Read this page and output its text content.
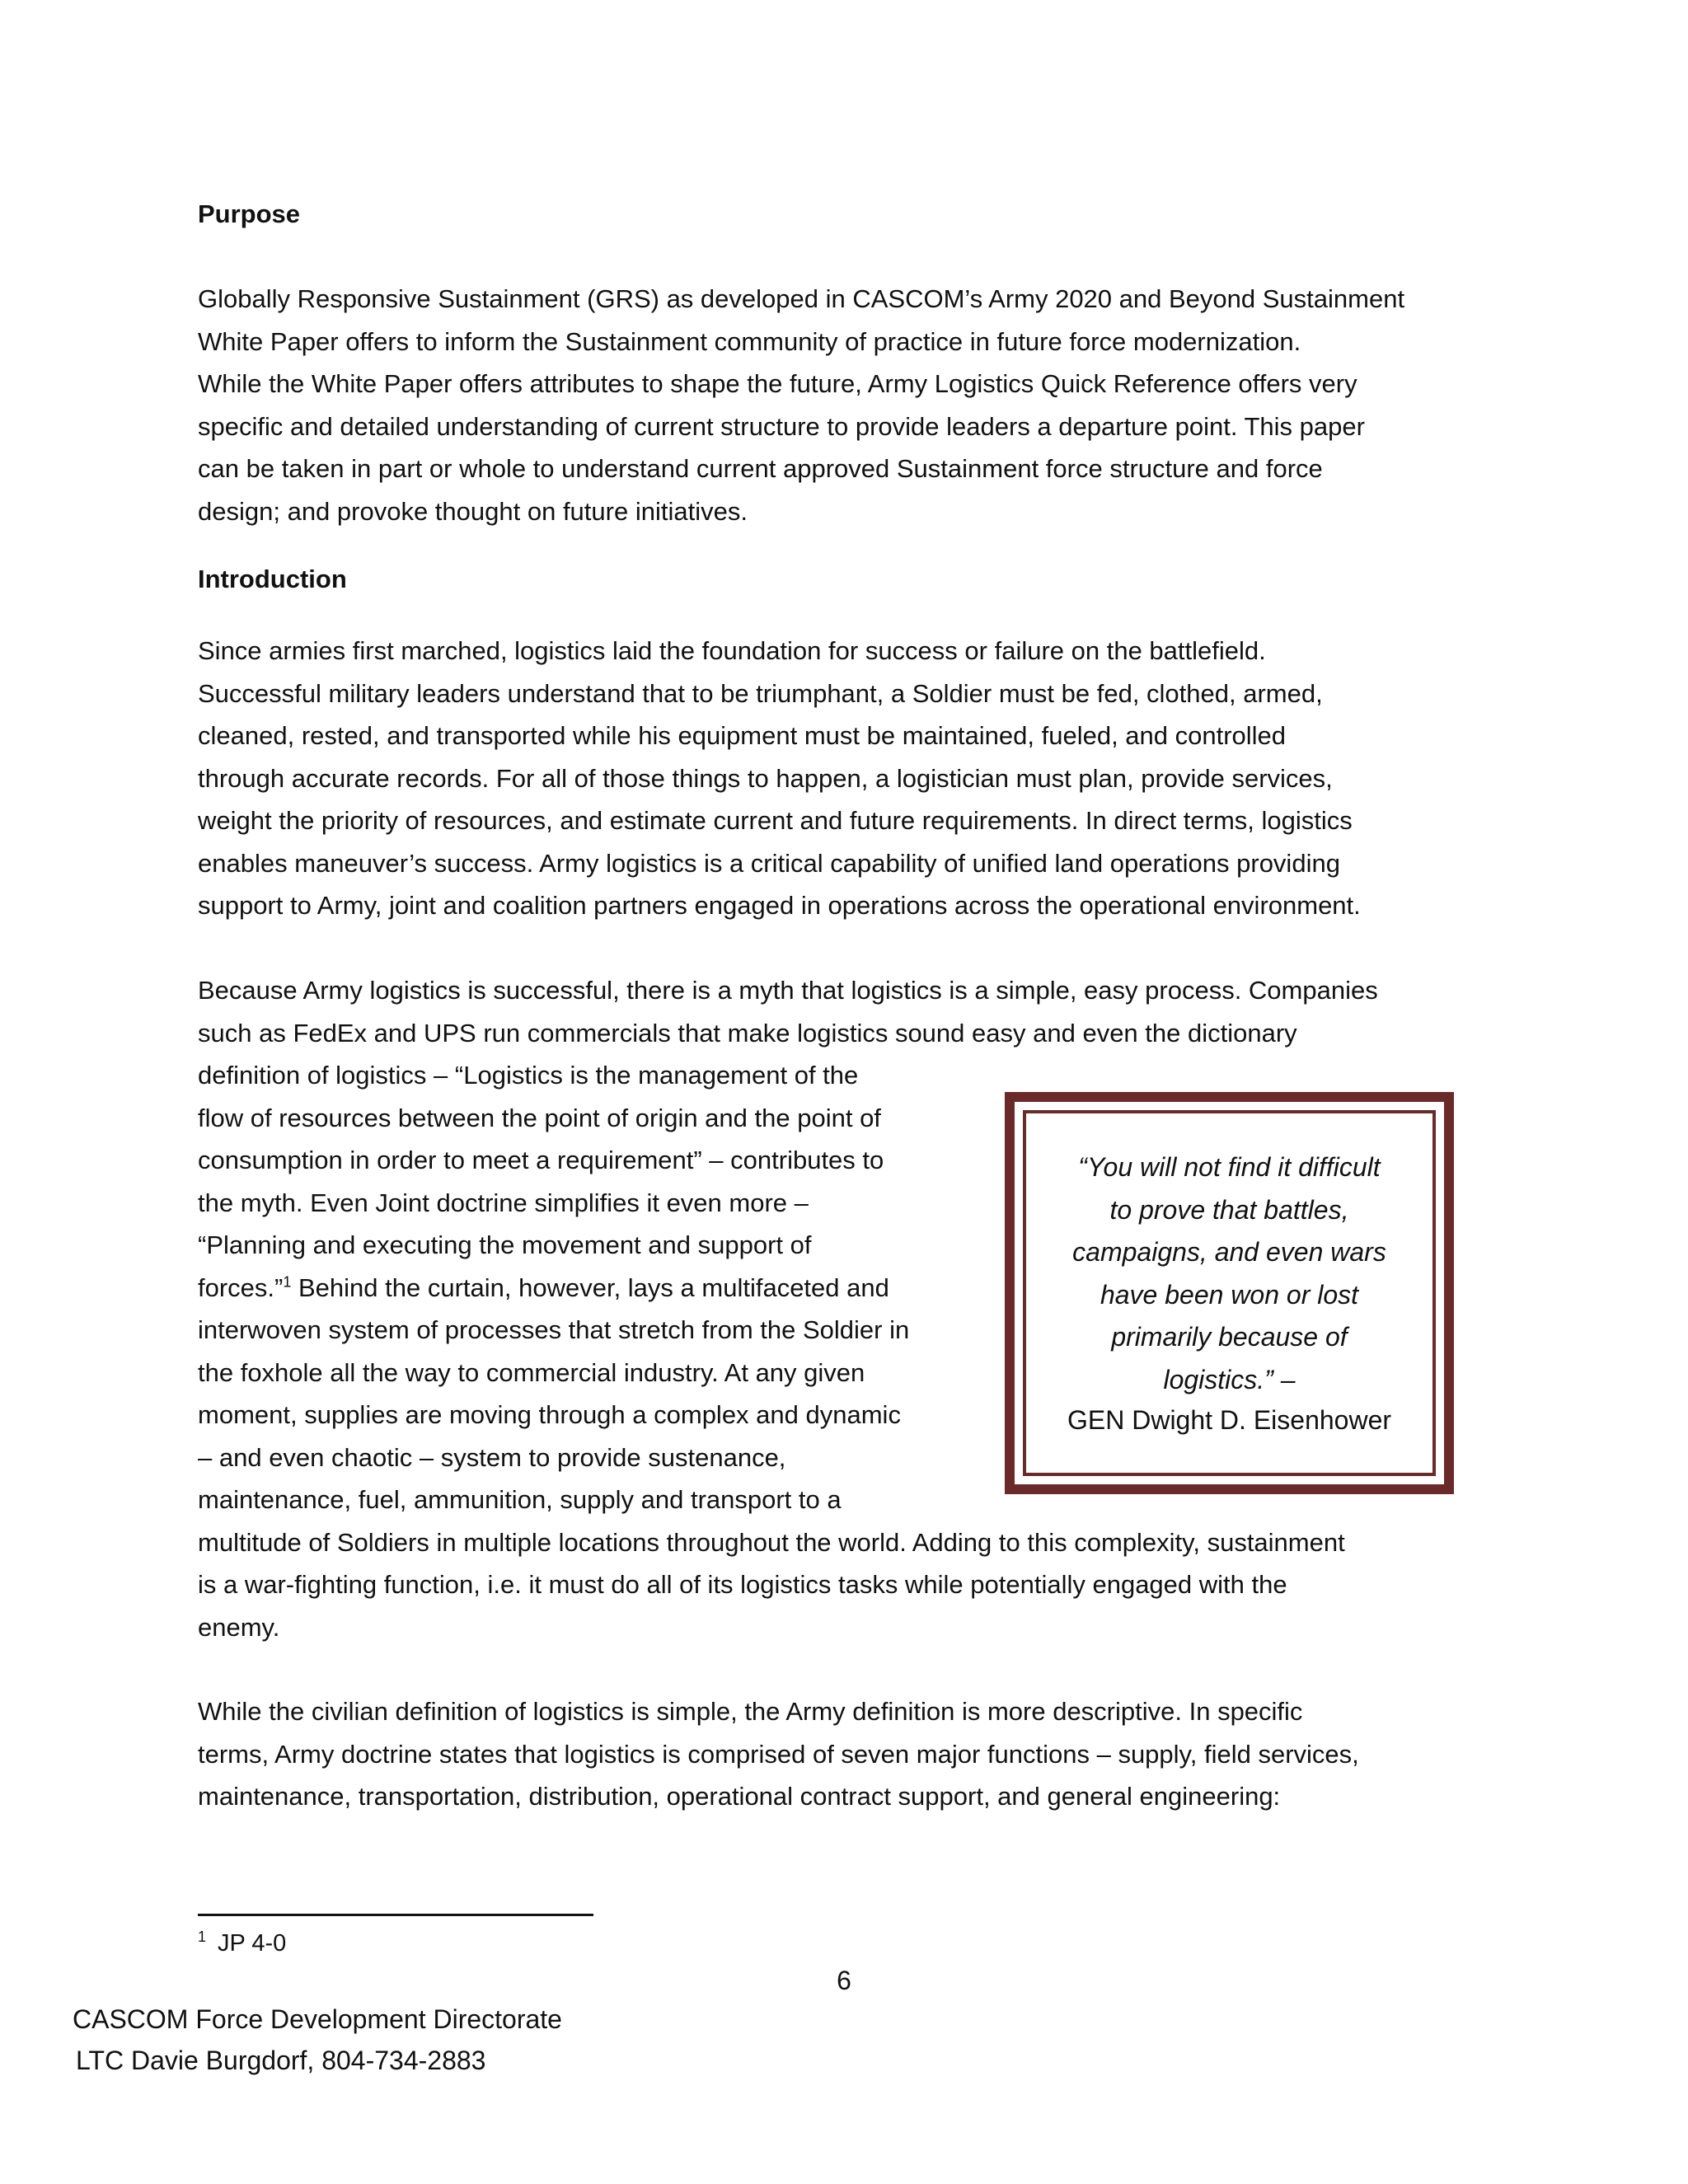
Purpose

Globally Responsive Sustainment (GRS) as developed in CASCOM’s Army 2020 and Beyond Sustainment
White Paper offers to inform the Sustainment community of practice in future force modernization.
While the White Paper offers attributes to shape the future, Army Logistics Quick Reference offers very
specific and detailed understanding of current structure to provide leaders a departure point. This paper
can be taken in part or whole to understand current approved Sustainment force structure and force
design; and provoke thought on future initiatives.

Introduction

Since armies first marched, logistics laid the foundation for success or failure on the battlefield.
Successful military leaders understand that to be triumphant, a Soldier must be fed, clothed, armed,
cleaned, rested, and transported while his equipment must be maintained, fueled, and controlled
through accurate records. For all of those things to happen, a logistician must plan, provide services,
weight the priority of resources, and estimate current and future requirements. In direct terms, logistics
enables maneuver’s success. Army logistics is a critical capability of unified land operations providing
support to Army, joint and coalition partners engaged in operations across the operational environment.
Because Army logistics is successful, there is a myth that logistics is a simple, easy process. Companies
such as FedEx and UPS run commercials that make logistics sound easy and even the dictionary
definition of logistics – “Logistics is the management of the
flow of resources between the point of origin and the point of
consumption in order to meet a requirement” – contributes to
the myth. Even Joint doctrine simplifies it even more –
“Planning and executing the movement and support of
forces.”$^1$ Behind the curtain, however, lays a multifaceted and
interwoven system of processes that stretch from the Soldier in
the foxhole all the way to commercial industry. At any given
moment, supplies are moving through a complex and dynamic
– and even chaotic – system to provide sustenance,
maintenance, fuel, ammunition, supply and transport to a
multitude of Soldiers in multiple locations throughout the world. Adding to this complexity, sustainment
is a war-fighting function, i.e. it must do all of its logistics tasks while potentially engaged with the
enemy.
While the civilian definition of logistics is simple, the Army definition is more descriptive. In specific
terms, Army doctrine states that logistics is comprised of seven major functions – supply, field services,
maintenance, transportation, distribution, operational contract support, and general engineering:

“You will not find it difficult
to prove that battles,
campaigns, and even wars
have been won or lost
primarily because of
logistics.” –

GEN Dwight D. Eisenhower

$^1$ JP 4-0
6
CASCOM Force Development Directorate
LTC Davie Burgdorf, 804-734-2883
